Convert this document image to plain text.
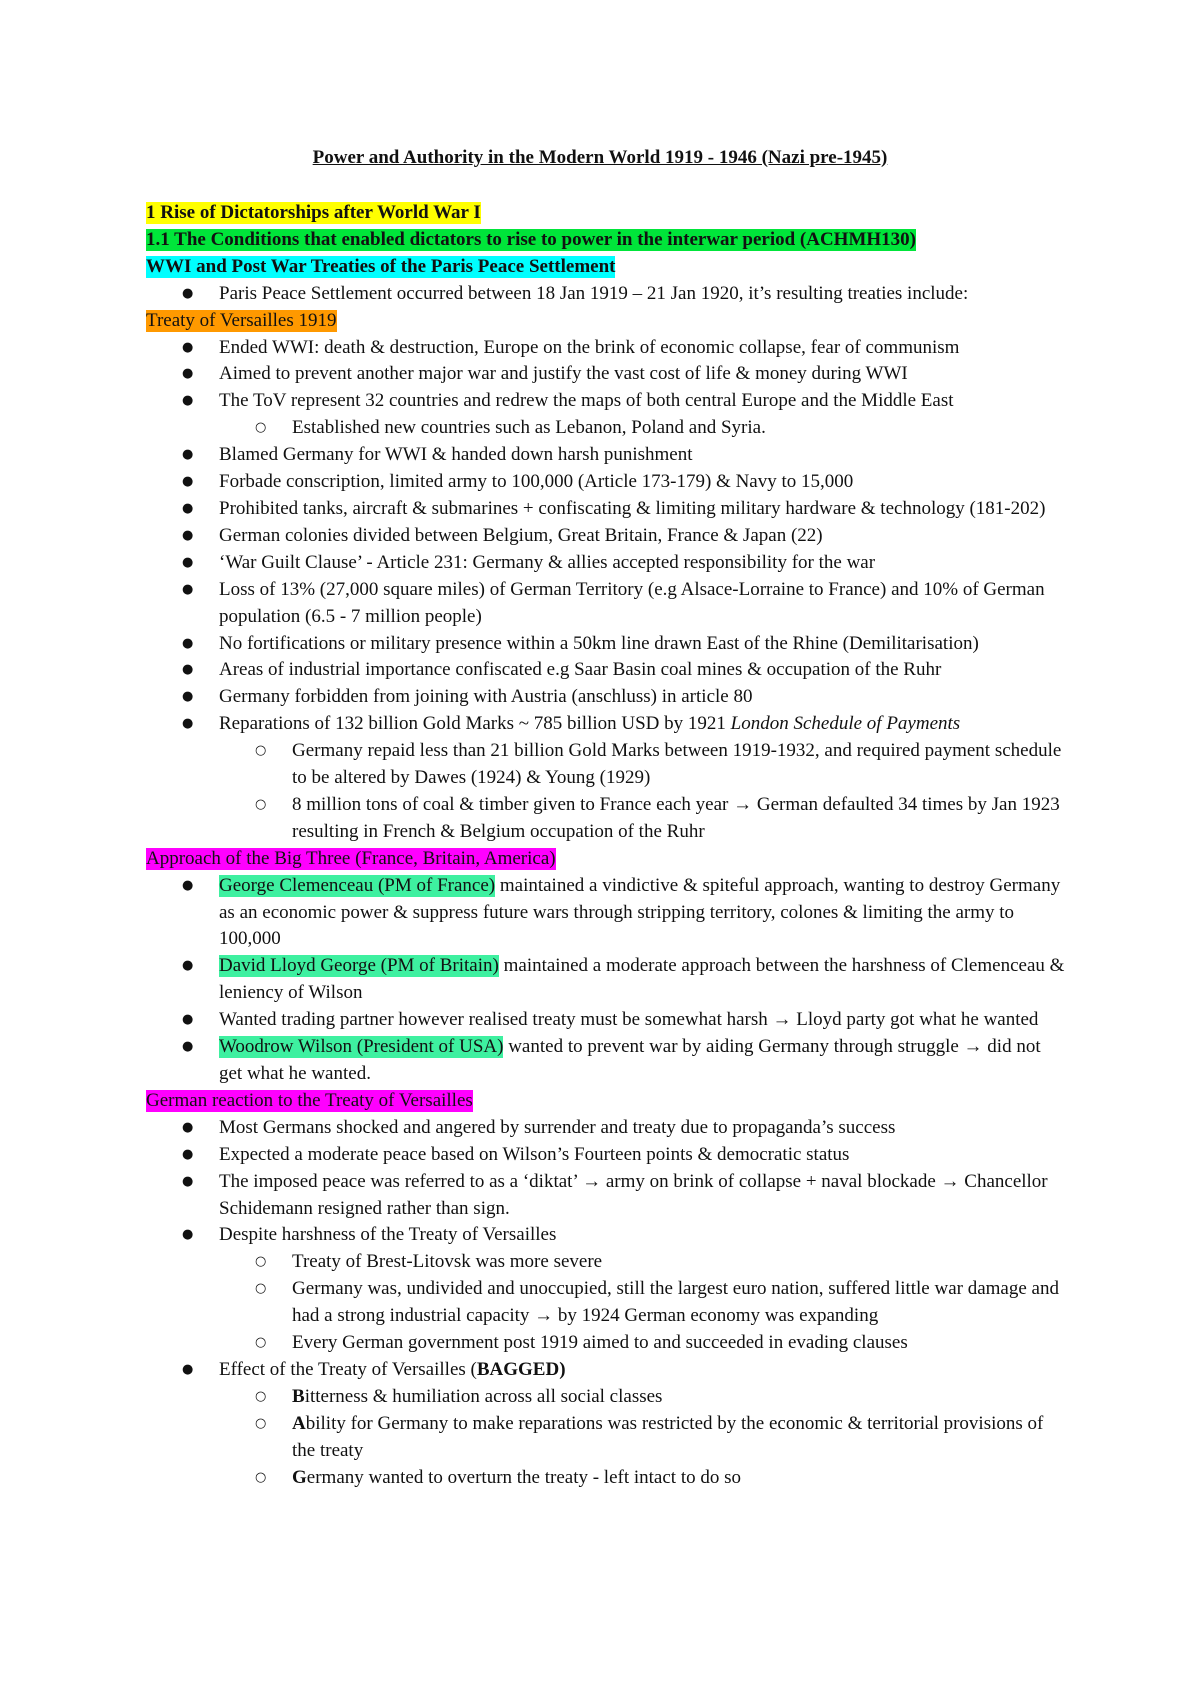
Power and Authority in the Modern World 1919 - 1946 (Nazi pre-1945)
1 Rise of Dictatorships after World War I
1.1 The Conditions that enabled dictators to rise to power in the interwar period (ACHMH130)
WWI and Post War Treaties of the Paris Peace Settlement
● Paris Peace Settlement occurred between 18 Jan 1919 – 21 Jan 1920, it’s resulting treaties include:
Treaty of Versailles 1919
● Ended WWI: death & destruction, Europe on the brink of economic collapse, fear of communism
● Aimed to prevent another major war and justify the vast cost of life & money during WWI
● The ToV represent 32 countries and redrew the maps of both central Europe and the Middle East
○ Established new countries such as Lebanon, Poland and Syria.
● Blamed Germany for WWI & handed down harsh punishment
● Forbade conscription, limited army to 100,000 (Article 173-179) & Navy to 15,000
● Prohibited tanks, aircraft & submarines + confiscating & limiting military hardware & technology (181-202)
● German colonies divided between Belgium, Great Britain, France & Japan (22)
● ‘War Guilt Clause’ - Article 231: Germany & allies accepted responsibility for the war
● Loss of 13% (27,000 square miles) of German Territory (e.g Alsace-Lorraine to France) and 10% of German population (6.5 - 7 million people)
● No fortifications or military presence within a 50km line drawn East of the Rhine (Demilitarisation)
● Areas of industrial importance confiscated e.g Saar Basin coal mines & occupation of the Ruhr
● Germany forbidden from joining with Austria (anschluss) in article 80
● Reparations of 132 billion Gold Marks ~ 785 billion USD by 1921 London Schedule of Payments
○ Germany repaid less than 21 billion Gold Marks between 1919-1932, and required payment schedule to be altered by Dawes (1924) & Young (1929)
○ 8 million tons of coal & timber given to France each year → German defaulted 34 times by Jan 1923 resulting in French & Belgium occupation of the Ruhr
Approach of the Big Three (France, Britain, America)
● George Clemenceau (PM of France) maintained a vindictive & spiteful approach, wanting to destroy Germany as an economic power & suppress future wars through stripping territory, colones & limiting the army to 100,000
● David Lloyd George (PM of Britain) maintained a moderate approach between the harshness of Clemenceau & leniency of Wilson
● Wanted trading partner however realised treaty must be somewhat harsh → Lloyd party got what he wanted
● Woodrow Wilson (President of USA) wanted to prevent war by aiding Germany through struggle → did not get what he wanted.
German reaction to the Treaty of Versailles
● Most Germans shocked and angered by surrender and treaty due to propaganda’s success
● Expected a moderate peace based on Wilson’s Fourteen points & democratic status
● The imposed peace was referred to as a ‘diktat’ → army on brink of collapse + naval blockade → Chancellor Schidemann resigned rather than sign.
● Despite harshness of the Treaty of Versailles
○ Treaty of Brest-Litovsk was more severe
○ Germany was, undivided and unoccupied, still the largest euro nation, suffered little war damage and had a strong industrial capacity → by 1924 German economy was expanding
○ Every German government post 1919 aimed to and succeeded in evading clauses
● Effect of the Treaty of Versailles (BAGGED)
○ Bitterness & humiliation across all social classes
○ Ability for Germany to make reparations was restricted by the economic & territorial provisions of the treaty
○ Germany wanted to overturn the treaty - left intact to do so
